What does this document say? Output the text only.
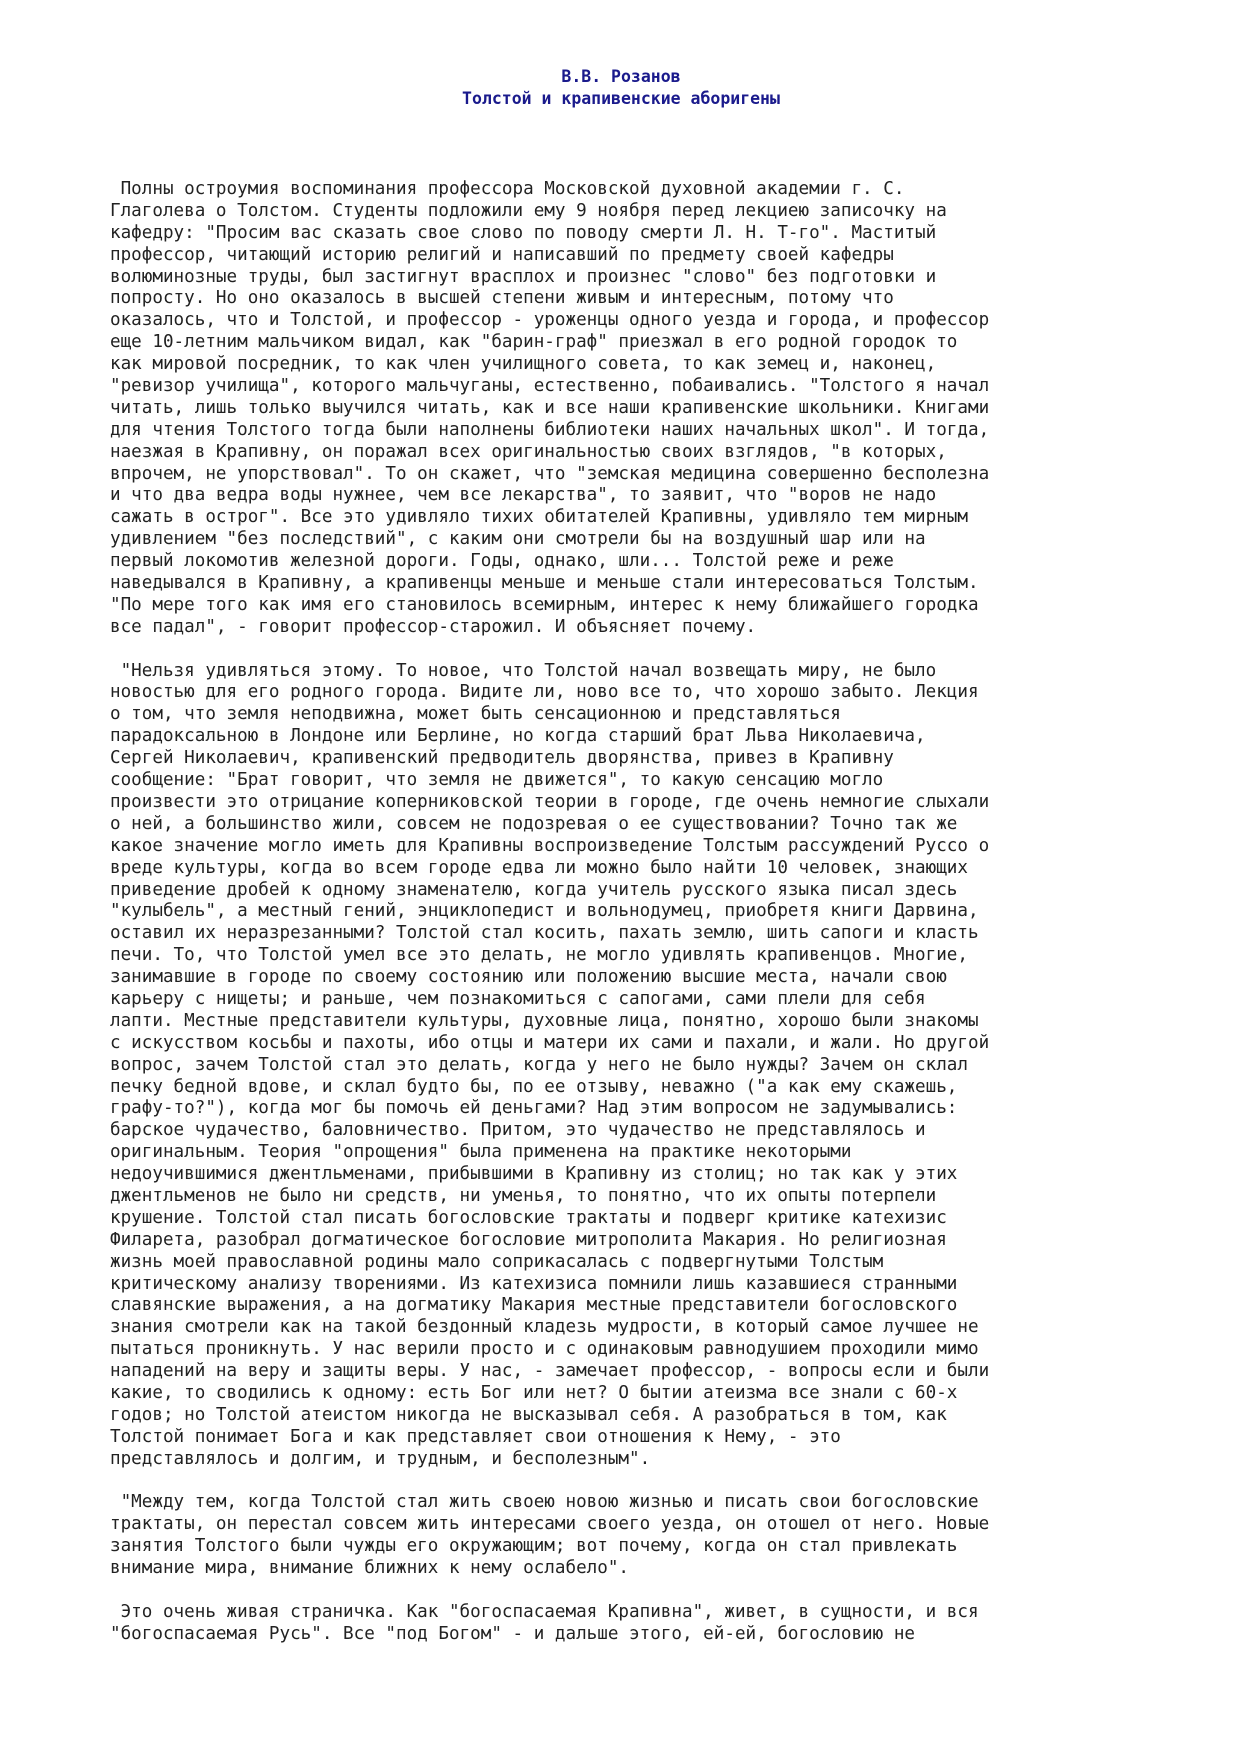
В.В. Розанов
Толстой и крапивенские аборигены
Полны остроумия воспоминания профессора Московской духовной академии г. С.
Глаголева о Толстом. Студенты подложили ему 9 ноября перед лекциею записочку на
кафедру: "Просим вас сказать свое слово по поводу смерти Л. Н. Т-го". Маститый
профессор, читающий историю религий и написавший по предмету своей кафедры
волюминозные труды, был застигнут врасплох и произнес "слово" без подготовки и
попросту. Но оно оказалось в высшей степени живым и интересным, потому что
оказалось, что и Толстой, и профессор - уроженцы одного уезда и города, и профессор
еще 10-летним мальчиком видал, как "барин-граф" приезжал в его родной городок то
как мировой посредник, то как член училищного совета, то как земец и, наконец,
"ревизор училища", которого мальчуганы, естественно, побаивались. "Толстого я начал
читать, лишь только выучился читать, как и все наши крапивенские школьники. Книгами
для чтения Толстого тогда были наполнены библиотеки наших начальных школ". И тогда,
наезжая в Крапивну, он поражал всех оригинальностью своих взглядов, "в которых,
впрочем, не упорствовал". То он скажет, что "земская медицина совершенно бесполезна
и что два ведра воды нужнее, чем все лекарства", то заявит, что "воров не надо
сажать в острог". Все это удивляло тихих обитателей Крапивны, удивляло тем мирным
удивлением "без последствий", с каким они смотрели бы на воздушный шар или на
первый локомотив железной дороги. Годы, однако, шли... Толстой реже и реже
наведывался в Крапивну, а крапивенцы меньше и меньше стали интересоваться Толстым.
"По мере того как имя его становилось всемирным, интерес к нему ближайшего городка
все падал", - говорит профессор-старожил. И объясняет почему.
"Нельзя удивляться этому. То новое, что Толстой начал возвещать миру, не было
новостью для его родного города. Видите ли, ново все то, что хорошо забыто. Лекция
о том, что земля неподвижна, может быть сенсационною и представляться
парадоксальною в Лондоне или Берлине, но когда старший брат Льва Николаевича,
Сергей Николаевич, крапивенский предводитель дворянства, привез в Крапивну
сообщение: "Брат говорит, что земля не движется", то какую сенсацию могло
произвести это отрицание коперниковской теории в городе, где очень немногие слыхали
о ней, а большинство жили, совсем не подозревая о ее существовании? Точно так же
какое значение могло иметь для Крапивны воспроизведение Толстым рассуждений Руссо о
вреде культуры, когда во всем городе едва ли можно было найти 10 человек, знающих
приведение дробей к одному знаменателю, когда учитель русского языка писал здесь
"кулыбель", а местный гений, энциклопедист и вольнодумец, приобретя книги Дарвина,
оставил их неразрезанными? Толстой стал косить, пахать землю, шить сапоги и класть
печи. То, что Толстой умел все это делать, не могло удивлять крапивенцов. Многие,
занимавшие в городе по своему состоянию или положению высшие места, начали свою
карьеру с нищеты; и раньше, чем познакомиться с сапогами, сами плели для себя
лапти. Местные представители культуры, духовные лица, понятно, хорошо были знакомы
с искусством косьбы и пахоты, ибо отцы и матери их сами и пахали, и жали. Но другой
вопрос, зачем Толстой стал это делать, когда у него не было нужды? Зачем он склал
печку бедной вдове, и склал будто бы, по ее отзыву, неважно ("а как ему скажешь,
графу-то?"), когда мог бы помочь ей деньгами? Над этим вопросом не задумывались:
барское чудачество, баловничество. Притом, это чудачество не представлялось и
оригинальным. Теория "опрощения" была применена на практике некоторыми
недоучившимися джентльменами, прибывшими в Крапивну из столиц; но так как у этих
джентльменов не было ни средств, ни уменья, то понятно, что их опыты потерпели
крушение. Толстой стал писать богословские трактаты и подверг критике катехизис
Филарета, разобрал догматическое богословие митрополита Макария. Но религиозная
жизнь моей православной родины мало соприкасалась с подвергнутыми Толстым
критическому анализу творениями. Из катехизиса помнили лишь казавшиеся странными
славянские выражения, а на догматику Макария местные представители богословского
знания смотрели как на такой бездонный кладезь мудрости, в который самое лучшее не
пытаться проникнуть. У нас верили просто и с одинаковым равнодушием проходили мимо
нападений на веру и защиты веры. У нас, - замечает профессор, - вопросы если и были
какие, то сводились к одному: есть Бог или нет? О бытии атеизма все знали с 60-х
годов; но Толстой атеистом никогда не высказывал себя. А разобраться в том, как
Толстой понимает Бога и как представляет свои отношения к Нему, - это
представлялось и долгим, и трудным, и бесполезным".
"Между тем, когда Толстой стал жить своею новою жизнью и писать свои богословские
трактаты, он перестал совсем жить интересами своего уезда, он отошел от него. Новые
занятия Толстого были чужды его окружающим; вот почему, когда он стал привлекать
внимание мира, внимание ближних к нему ослабело".
Это очень живая страничка. Как "богоспасаемая Крапивна", живет, в сущности, и вся
"богоспасаемая Русь". Все "под Богом" - и дальше этого, ей-ей, богословию не
